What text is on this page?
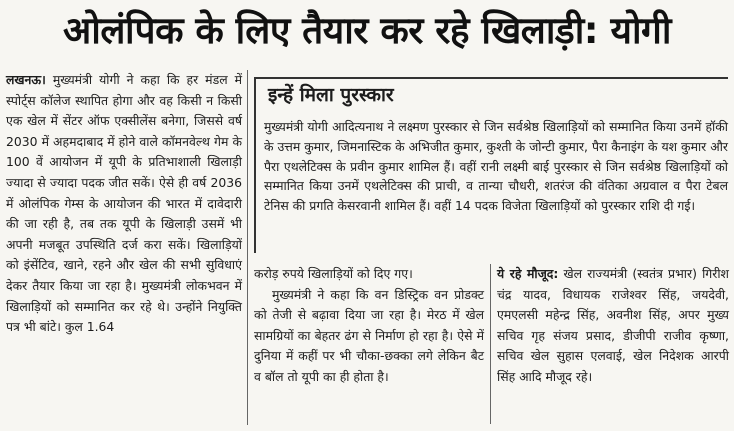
ओलंपिक के लिए तैयार कर रहे खिलाड़ी: योगी

लखनऊ। मुख्यमंत्री योगी ने कहा कि हर मंडल में स्पोर्ट्स कॉलेज स्थापित होगा और वह किसी न किसी एक खेल में सेंटर ऑफ एक्सीलेंस बनेगा, जिससे वर्ष 2030 में अहमदाबाद में होने वाले कॉमनवेल्थ गेम के 100 वें आयोजन में यूपी के प्रतिभाशाली खिलाड़ी ज्यादा से ज्यादा पदक जीत सकें। ऐसे ही वर्ष 2036 में ओलंपिक गेम्स के आयोजन की भारत में दावेदारी की जा रही है, तब तक यूपी के खिलाड़ी उसमें भी अपनी मजबूत उपस्थिति दर्ज करा सकें। खिलाड़ियों को इंसेंटिव, खाने, रहने और खेल की सभी सुविधाएं देकर तैयार किया जा रहा है। मुख्यमंत्री लोकभवन में खिलाड़ियों को सम्मानित कर रहे थे। उन्होंने नियुक्ति पत्र भी बांटे। कुल 1.64

इन्हें मिला पुरस्कार

मुख्यमंत्री योगी आदित्यनाथ ने लक्ष्मण पुरस्कार से जिन सर्वश्रेष्ठ खिलाड़ियों को सम्मानित किया उनमें हॉकी के उत्तम कुमार, जिमनास्टिक के अभिजीत कुमार, कुश्ती के जोन्टी कुमार, पैरा कैनाइंग के यश कुमार और पैरा एथलेटिक्स के प्रवीन कुमार शामिल हैं। वहीं रानी लक्ष्मी बाई पुरस्कार से जिन सर्वश्रेष्ठ खिलाड़ियों को सम्मानित किया उनमें एथलेटिक्स की प्राची, व तान्या चौधरी, शतरंज की वंतिका अग्रवाल व पैरा टेबल टेनिस की प्रगति केसरवानी शामिल हैं। वहीं 14 पदक विजेता खिलाड़ियों को पुरस्कार राशि दी गई।

करोड़ रुपये खिलाड़ियों को दिए गए।

मुख्यमंत्री ने कहा कि वन डिस्ट्रिक वन प्रोडक्ट को तेजी से बढ़ावा दिया जा रहा है। मेरठ में खेल सामग्रियों का बेहतर ढंग से निर्माण हो रहा है। ऐसे में दुनिया में कहीं पर भी चौका-छक्का लगे लेकिन बैट व बॉल तो यूपी का ही होता है।

ये रहे मौजूद: खेल राज्यमंत्री (स्वतंत्र प्रभार) गिरीश चंद्र यादव, विधायक राजेश्वर सिंह, जयदेवी, एमएलसी महेन्द्र सिंह, अवनीश सिंह, अपर मुख्य सचिव गृह संजय प्रसाद, डीजीपी राजीव कृष्णा, सचिव खेल सुहास एलवाई, खेल निदेशक आरपी सिंह आदि मौजूद रहे।
